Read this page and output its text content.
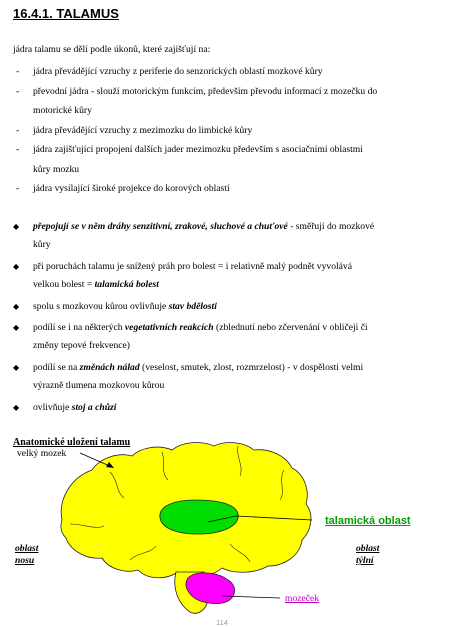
16.4.1. TALAMUS
jádra talamu se dělí podle úkonů, které zajišťují na:
- jádra převádějící vzruchy z periferie do senzorických oblastí mozkové kůry
- převodní jádra - slouží motorickým funkcím, především převodu informací z mozečku do
motorické kůry
- jádra převádějící vzruchy z mezimozku do limbické kůry
- jádra zajišťující propojení dalších jader mezimozku především s asociačními oblastmi
kůry mozku
- jádra vysílající široké projekce do korových oblastí
◆ přepojují se v něm dráhy senzitivní, zrakové, sluchové a chuťové - směřují do mozkové
kůry
◆ při poruchách talamu je snížený práh pro bolest = i relativně malý podnět vyvolává
velkou bolest = talamická bolest
◆ spolu s mozkovou kůrou ovlivňuje stav bdělosti
◆ podílí se i na některých vegetativních reakcích (zblednutí nebo zčervenání v obličeji či
změny tepové frekvence)
◆ podílí se na změnách nálad (veselost, smutek, zlost, rozmrzelost) - v dospělosti velmi
výrazně tlumena mozkovou kůrou
◆ ovlivňuje stoj a chůzi
Anatomické uložení talamu
velký mozek
oblast
nosu
oblast
týlní
talamická oblast
mozeček
114
